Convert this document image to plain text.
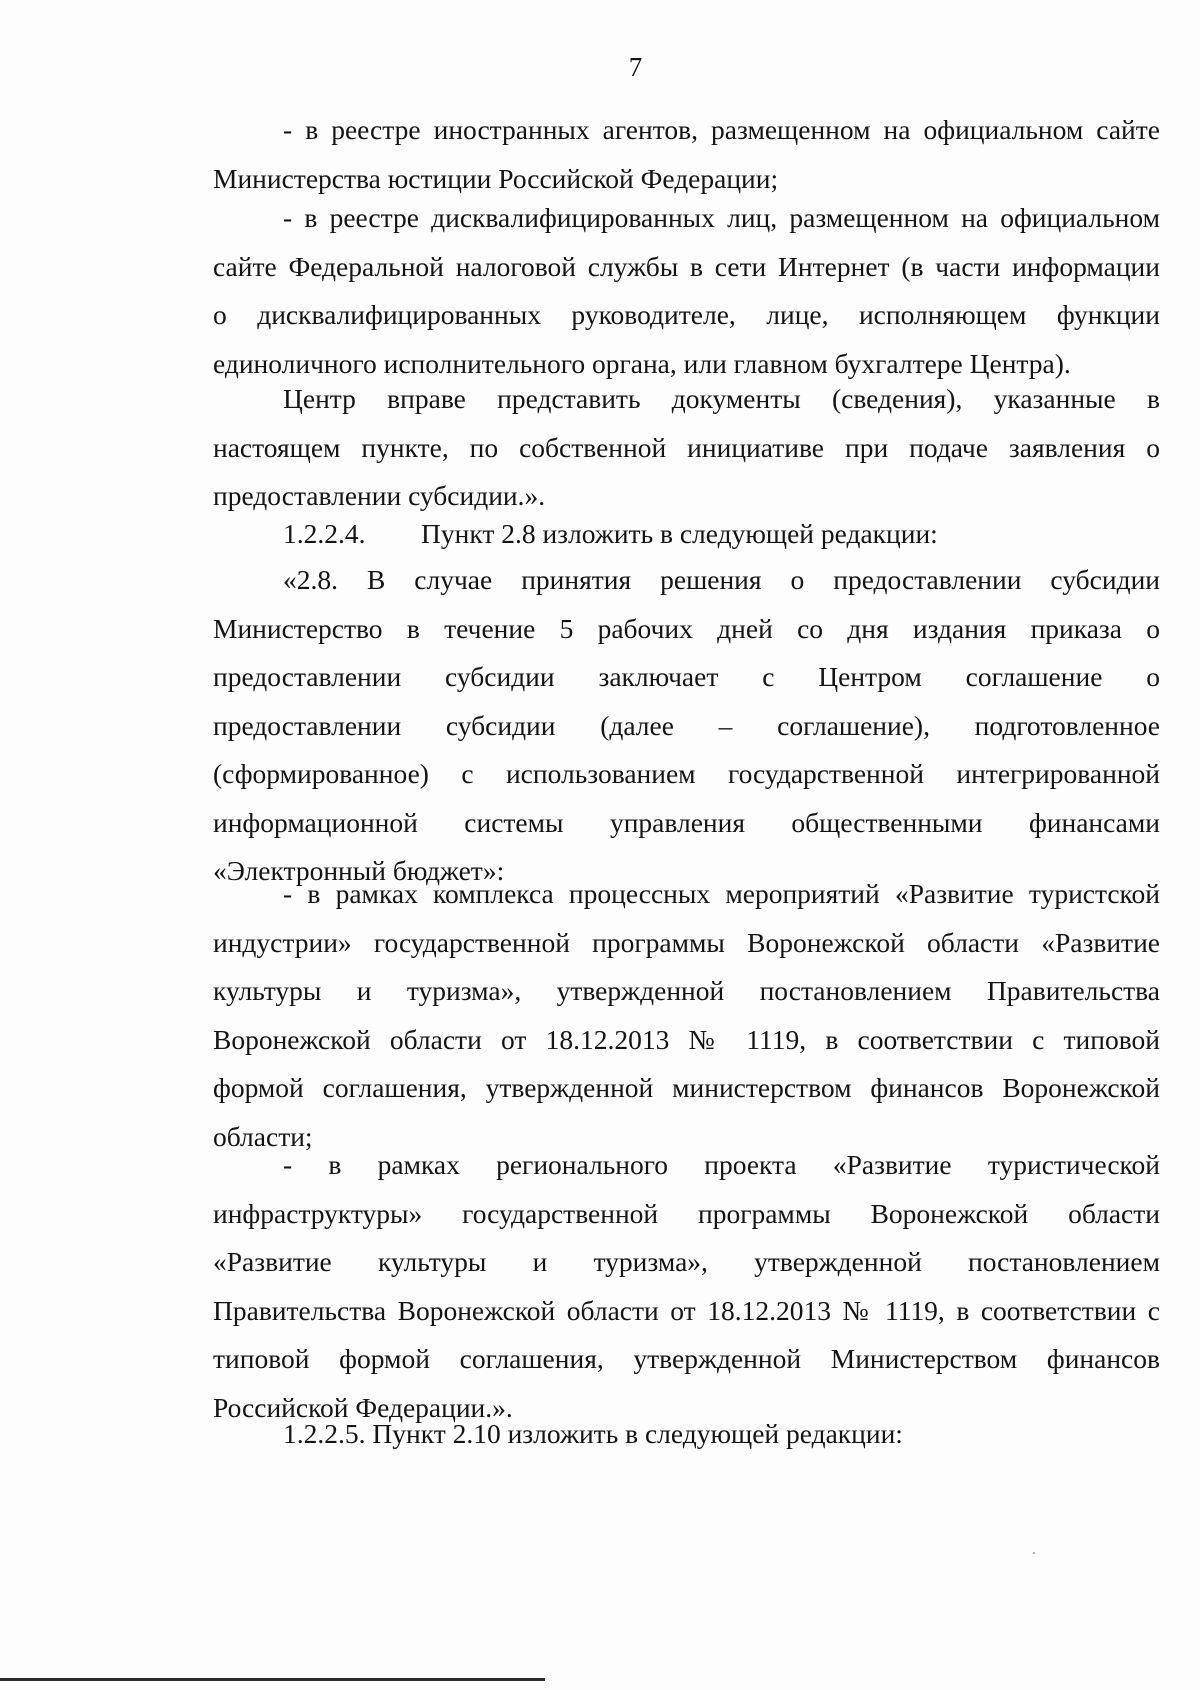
7

- в реестре иностранных агентов, размещенном на официальном сайте
Министерства юстиции Российской Федерации;

- в реестре дисквалифицированных лиц, размещенном на официальном
сайте Федеральной налоговой службы в сети Интернет (в части информации
о дисквалифицированных руководителе, лице, исполняющем функции
единоличного исполнительного органа, или главном бухгалтере Центра).

Центр вправе представить документы (сведения), указанные в
настоящем пункте, по собственной инициативе при подаче заявления о
предоставлении субсидии.».

1.2.2.4. Пункт 2.8 изложить в следующей редакции:

«2.8. В случае принятия решения о предоставлении субсидии
Министерство в течение 5 рабочих дней со дня издания приказа о
предоставлении субсидии заключает с Центром соглашение о
предоставлении субсидии (далее – соглашение), подготовленное
(сформированное) с использованием государственной интегрированной
информационной системы управления общественными финансами
«Электронный бюджет»:

- в рамках комплекса процессных мероприятий «Развитие туристской
индустрии» государственной программы Воронежской области «Развитие
культуры и туризма», утвержденной постановлением Правительства
Воронежской области от 18.12.2013 № 1119, в соответствии с типовой
формой соглашения, утвержденной министерством финансов Воронежской
области;

- в рамках регионального проекта «Развитие туристической
инфраструктуры» государственной программы Воронежской области
«Развитие культуры и туризма», утвержденной постановлением
Правительства Воронежской области от 18.12.2013 № 1119, в соответствии с
типовой формой соглашения, утвержденной Министерством финансов
Российской Федерации.».

1.2.2.5. Пункт 2.10 изложить в следующей редакции:
